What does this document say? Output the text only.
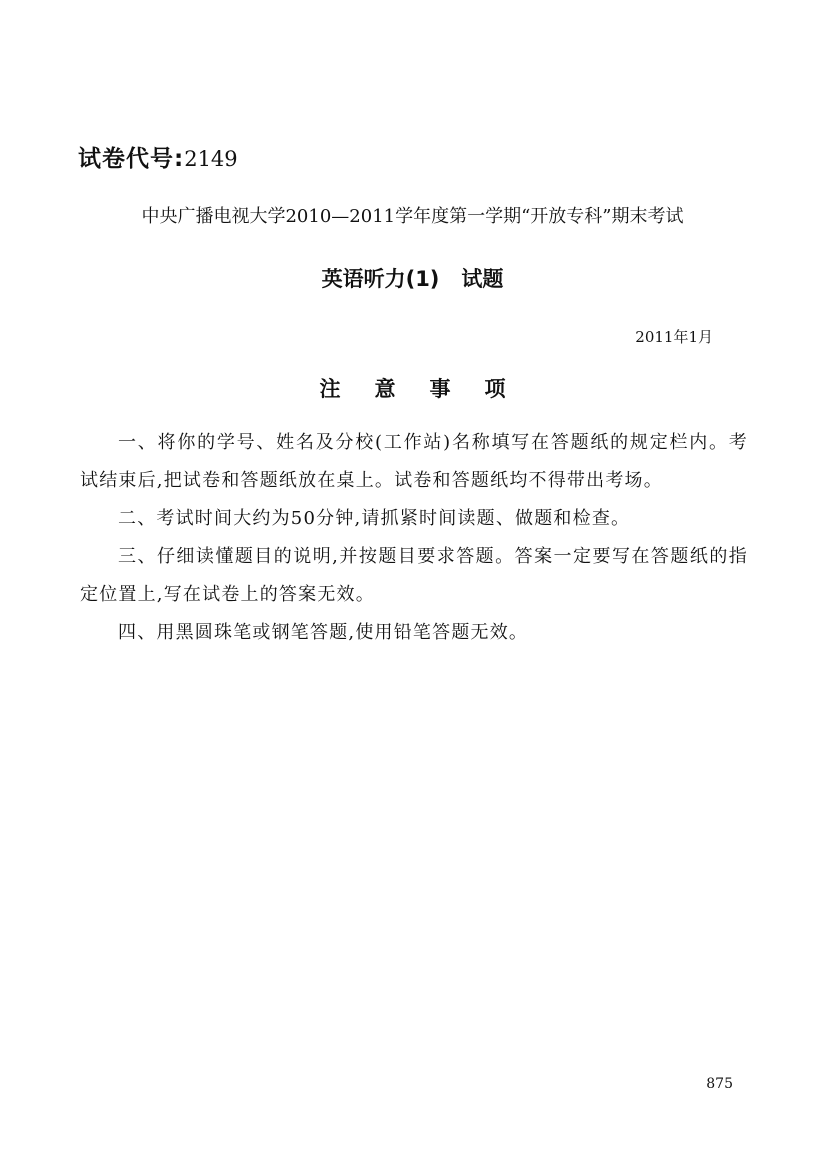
试卷代号:2149
中央广播电视大学2010—2011学年度第一学期“开放专科”期末考试
英语听力(1) 试题
2011年1月
注意事项

一、将你的学号、姓名及分校(工作站)名称填写在答题纸的规定栏内。考试结束后,把试卷和答题纸放在桌上。试卷和答题纸均不得带出考场。

二、考试时间大约为50分钟,请抓紧时间读题、做题和检查。

三、仔细读懂题目的说明,并按题目要求答题。答案一定要写在答题纸的指定位置上,写在试卷上的答案无效。

四、用黑圆珠笔或钢笔答题,使用铅笔答题无效。

875
